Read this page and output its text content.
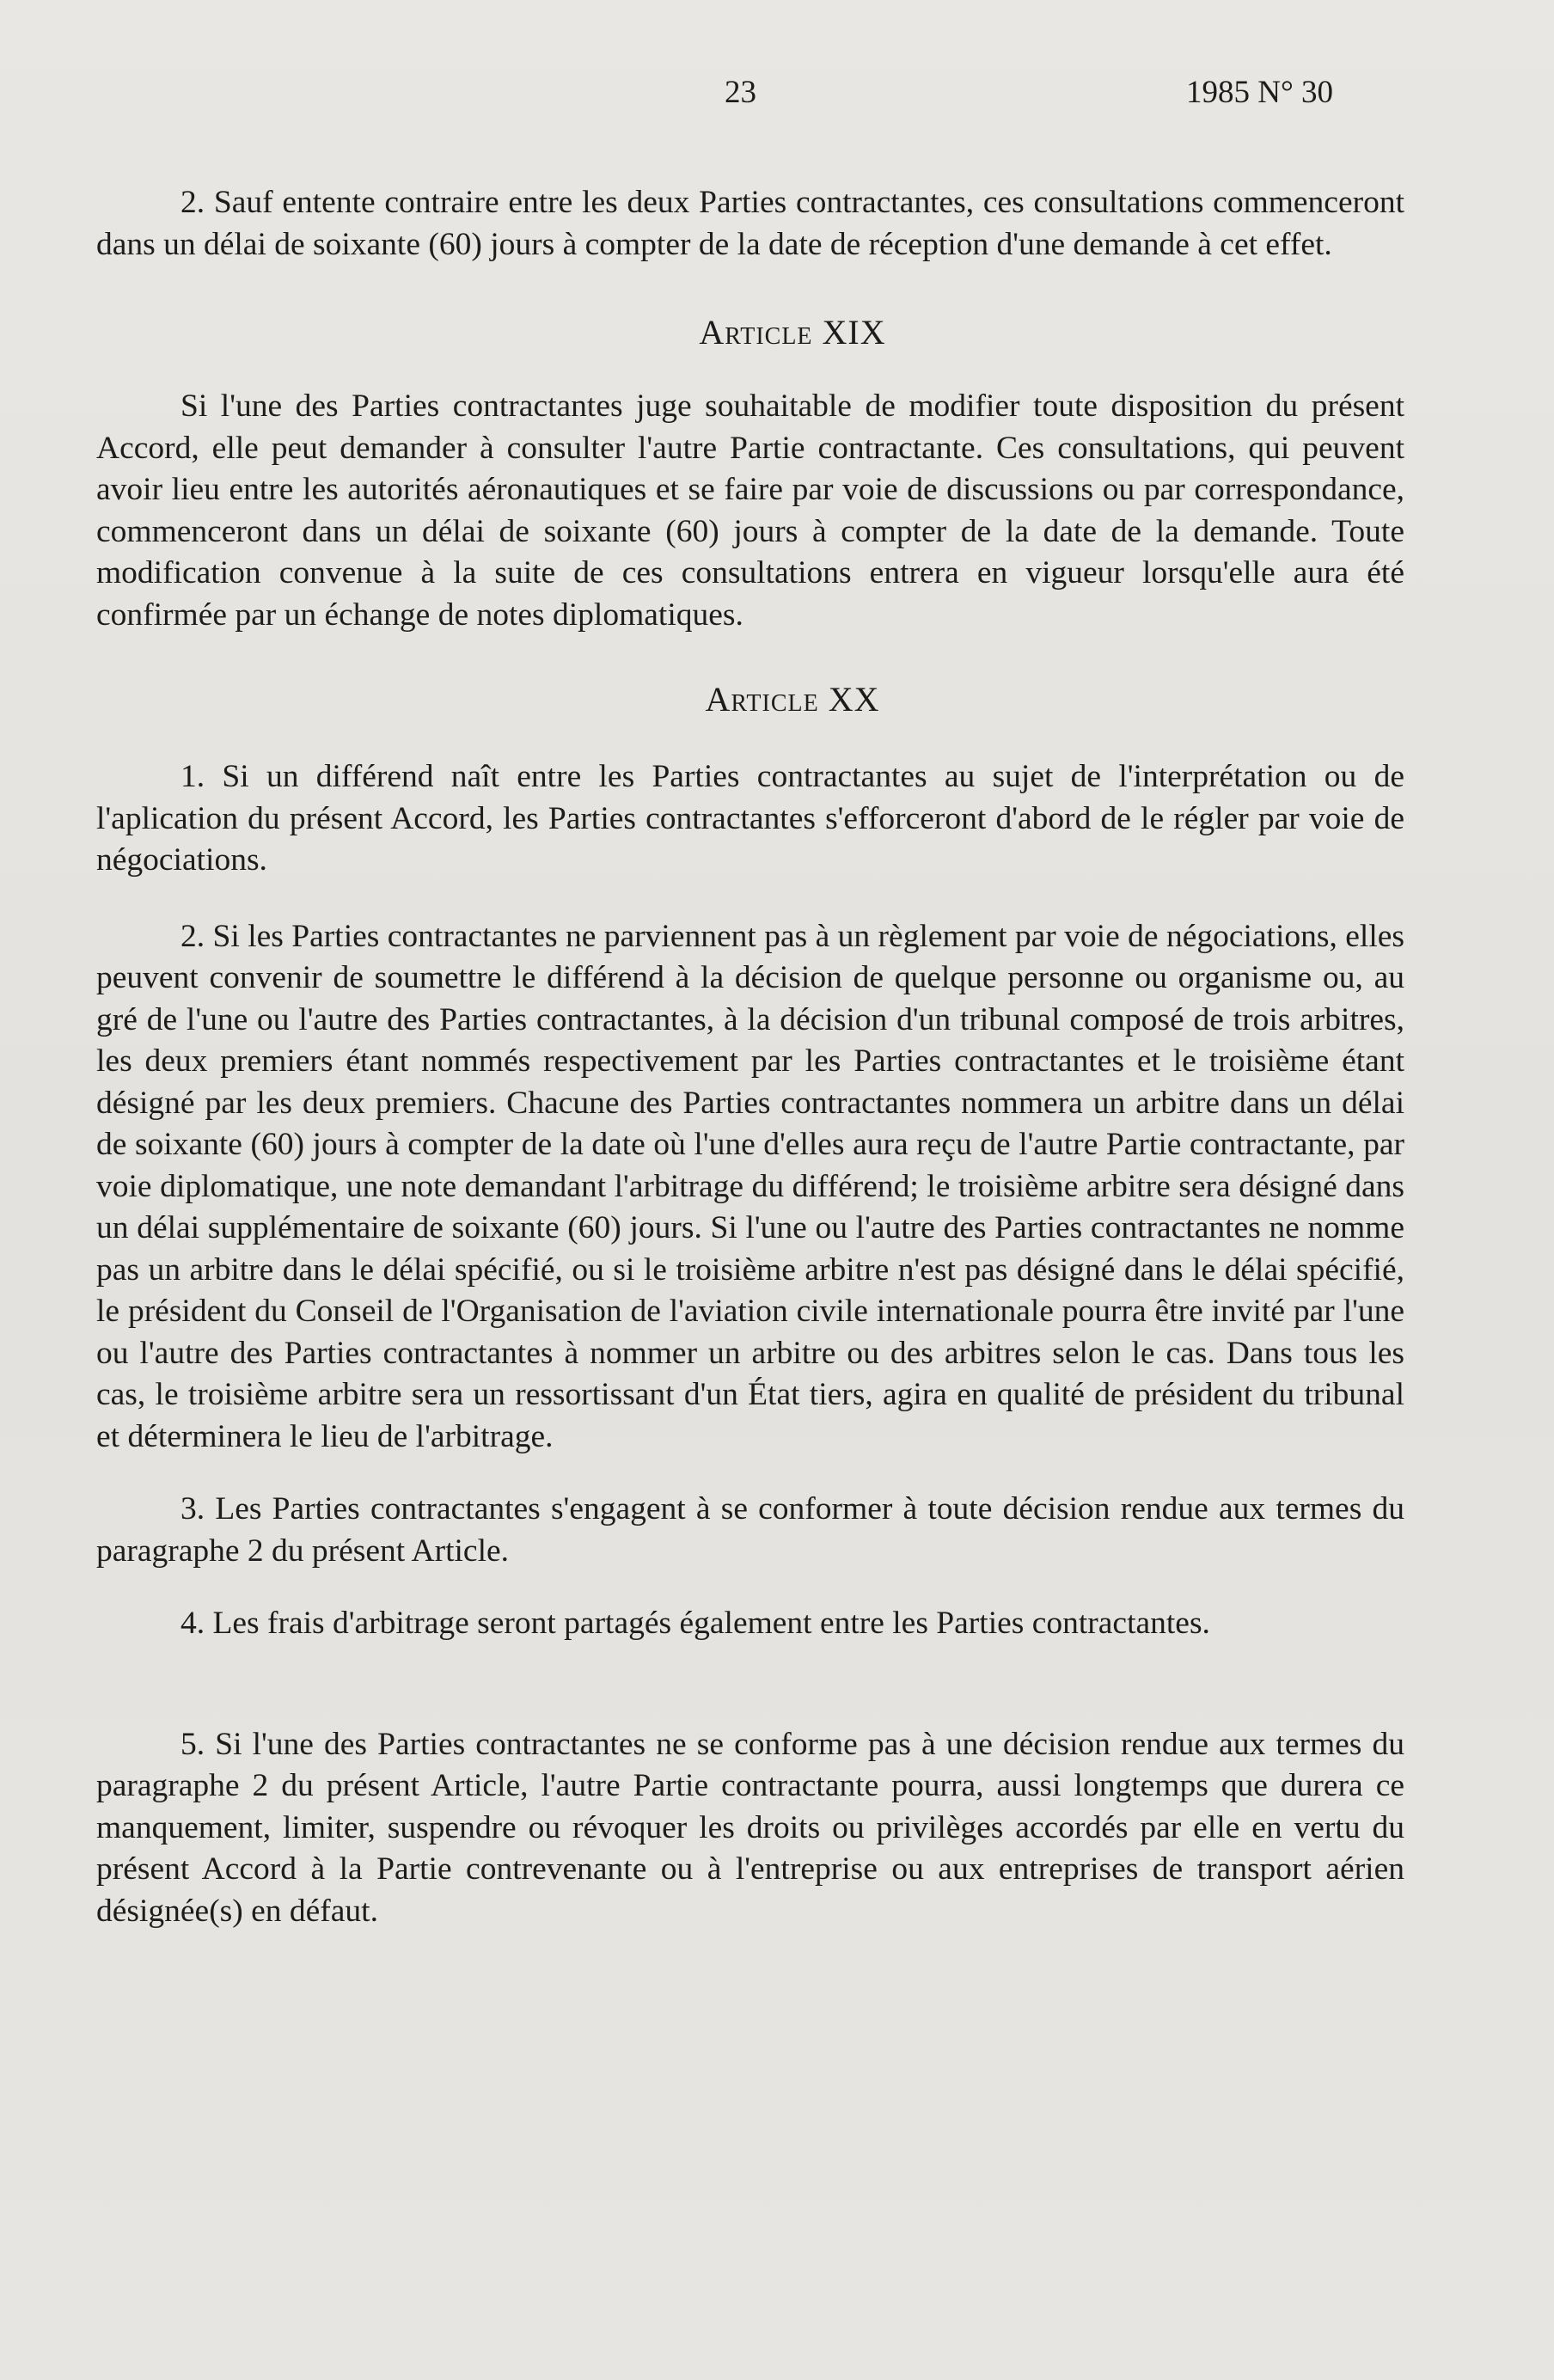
23	1985 N° 30

2. Sauf entente contraire entre les deux Parties contractantes, ces consultations commenceront dans un délai de soixante (60) jours à compter de la date de réception d'une demande à cet effet.

Article XIX

Si l'une des Parties contractantes juge souhaitable de modifier toute disposition du présent Accord, elle peut demander à consulter l'autre Partie contractante. Ces consultations, qui peuvent avoir lieu entre les autorités aéronautiques et se faire par voie de discussions ou par correspondance, commenceront dans un délai de soixante (60) jours à compter de la date de la demande. Toute modification convenue à la suite de ces consultations entrera en vigueur lorsqu'elle aura été confirmée par un échange de notes diplomatiques.

Article XX

1. Si un différend naît entre les Parties contractantes au sujet de l'interprétation ou de l'aplication du présent Accord, les Parties contractantes s'efforceront d'abord de le régler par voie de négociations.

2. Si les Parties contractantes ne parviennent pas à un règlement par voie de négociations, elles peuvent convenir de soumettre le différend à la décision de quelque personne ou organisme ou, au gré de l'une ou l'autre des Parties contractantes, à la décision d'un tribunal composé de trois arbitres, les deux premiers étant nommés respectivement par les Parties contractantes et le troisième étant désigné par les deux premiers. Chacune des Parties contractantes nommera un arbitre dans un délai de soixante (60) jours à compter de la date où l'une d'elles aura reçu de l'autre Partie contractante, par voie diplomatique, une note demandant l'arbitrage du différend; le troisième arbitre sera désigné dans un délai supplémentaire de soixante (60) jours. Si l'une ou l'autre des Parties contractantes ne nomme pas un arbitre dans le délai spécifié, ou si le troisième arbitre n'est pas désigné dans le délai spécifié, le président du Conseil de l'Organisation de l'aviation civile internationale pourra être invité par l'une ou l'autre des Parties contractantes à nommer un arbitre ou des arbitres selon le cas. Dans tous les cas, le troisième arbitre sera un ressortissant d'un État tiers, agira en qualité de président du tribunal et déterminera le lieu de l'arbitrage.

3. Les Parties contractantes s'engagent à se conformer à toute décision rendue aux termes du paragraphe 2 du présent Article.

4. Les frais d'arbitrage seront partagés également entre les Parties contractantes.

5. Si l'une des Parties contractantes ne se conforme pas à une décision rendue aux termes du paragraphe 2 du présent Article, l'autre Partie contractante pourra, aussi longtemps que durera ce manquement, limiter, suspendre ou révoquer les droits ou privilèges accordés par elle en vertu du présent Accord à la Partie contrevenante ou à l'entreprise ou aux entreprises de transport aérien désignée(s) en défaut.
